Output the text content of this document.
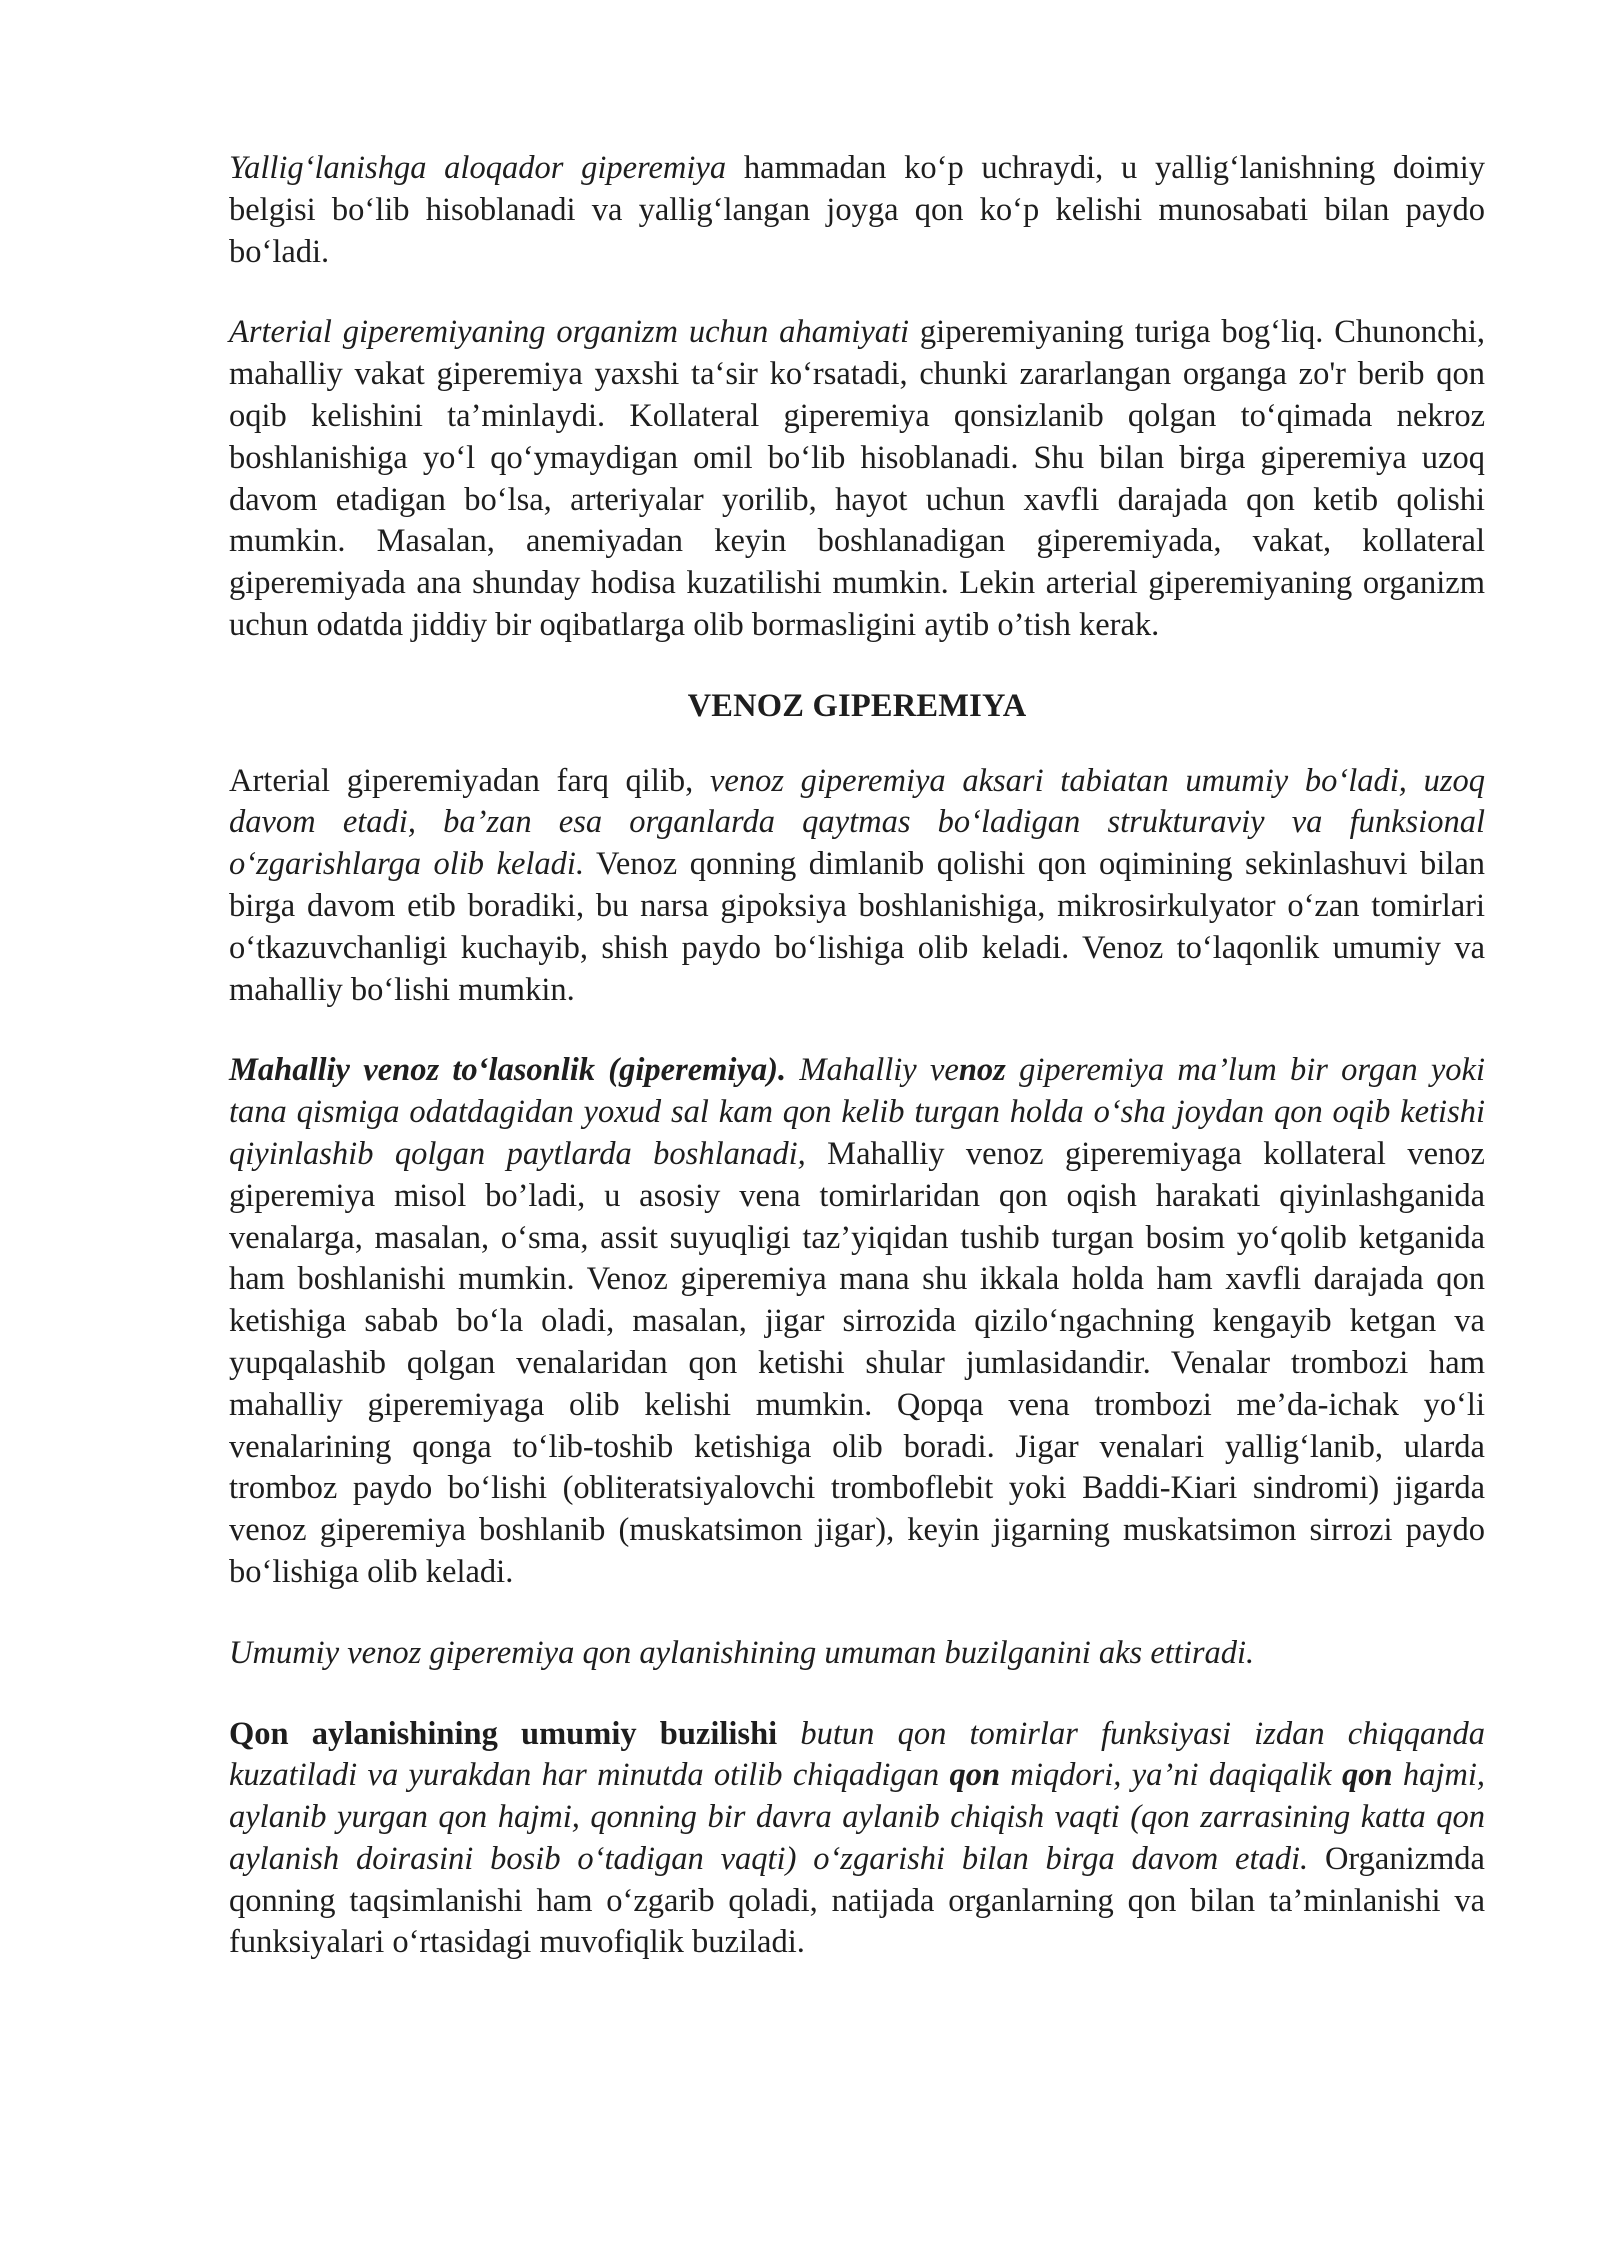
Yallig‘lanishga aloqador giperemiya hammadan ko‘p uchraydi, u yallig‘lanishning doimiy belgisi bo‘lib hisoblanadi va yallig‘langan joyga qon ko‘p kelishi munosabati bilan paydo bo‘ladi.

Arterial giperemiyaning organizm uchun ahamiyati giperemiyaning turiga bog‘liq. Chunonchi, mahalliy vakat giperemiya yaxshi ta‘sir ko‘rsatadi, chunki zararlangan organga zo'r berib qon oqib kelishini ta’minlaydi. Kollateral giperemiya qonsizlanib qolgan to‘qimada nekroz boshlanishiga yo‘l qo‘ymaydigan omil bo‘lib hisoblanadi. Shu bilan birga giperemiya uzoq davom etadigan bo‘lsa, arteriyalar yorilib, hayot uchun xavfli darajada qon ketib qolishi mumkin. Masalan, anemiyadan keyin boshlanadigan giperemiyada, vakat, kollateral giperemiyada ana shunday hodisa kuzatilishi mumkin. Lekin arterial giperemiyaning organizm uchun odatda jiddiy bir oqibatlarga olib bormasligini aytib o’tish kerak.

VENOZ GIPEREMIYA

Arterial giperemiyadan farq qilib, venoz giperemiya aksari tabiatan umumiy bo‘ladi, uzoq davom etadi, ba’zan esa organlarda qaytmas bo‘ladigan strukturaviy va funksional o‘zgarishlarga olib keladi. Venoz qonning dimlanib qolishi qon oqimining sekinlashuvi bilan birga davom etib boradiki, bu narsa gipoksiya boshlanishiga, mikrosirkulyator o‘zan tomirlari o‘tkazuvchanligi kuchayib, shish paydo bo‘lishiga olib keladi. Venoz to‘laqonlik umumiy va mahalliy bo‘lishi mumkin.

Mahalliy venoz to‘lasonlik (giperemiya). Mahalliy venoz giperemiya ma’lum bir organ yoki tana qismiga odatdagidan yoxud sal kam qon kelib turgan holda o‘sha joydan qon oqib ketishi qiyinlashib qolgan paytlarda boshlanadi, Mahalliy venoz giperemiyaga kollateral venoz giperemiya misol bo’ladi, u asosiy vena tomirlaridan qon oqish harakati qiyinlashganida venalarga, masalan, o‘sma, assit suyuqligi taz’yiqidan tushib turgan bosim yo‘qolib ketganida ham boshlanishi mumkin. Venoz giperemiya mana shu ikkala holda ham xavfli darajada qon ketishiga sabab bo‘la oladi, masalan, jigar sirrozida qizilo‘ngachning kengayib ketgan va yupqalashib qolgan venalaridan qon ketishi shular jumlasidandir. Venalar trombozi ham mahalliy giperemiyaga olib kelishi mumkin. Qopqa vena trombozi me’da-ichak yo‘li venalarining qonga to‘lib-toshib ketishiga olib boradi. Jigar venalari yallig‘lanib, ularda tromboz paydo bo‘lishi (obliteratsiyalovchi tromboflebit yoki Baddi-Kiari sindromi) jigarda venoz giperemiya boshlanib (muskatsimon jigar), keyin jigarning muskatsimon sirrozi paydo bo‘lishiga olib keladi.

Umumiy venoz giperemiya qon aylanishining umuman buzilganini aks ettiradi.

Qon aylanishining umumiy buzilishi butun qon tomirlar funksiyasi izdan chiqqanda kuzatiladi va yurakdan har minutda otilib chiqadigan qon miqdori, ya’ni daqiqalik qon hajmi, aylanib yurgan qon hajmi, qonning bir davra aylanib chiqish vaqti (qon zarrasining katta qon aylanish doirasini bosib o‘tadigan vaqti) o‘zgarishi bilan birga davom etadi. Organizmda qonning taqsimlanishi ham o‘zgarib qoladi, natijada organlarning qon bilan ta’minlanishi va funksiyalari o‘rtasidagi muvofiqlik buziladi.
